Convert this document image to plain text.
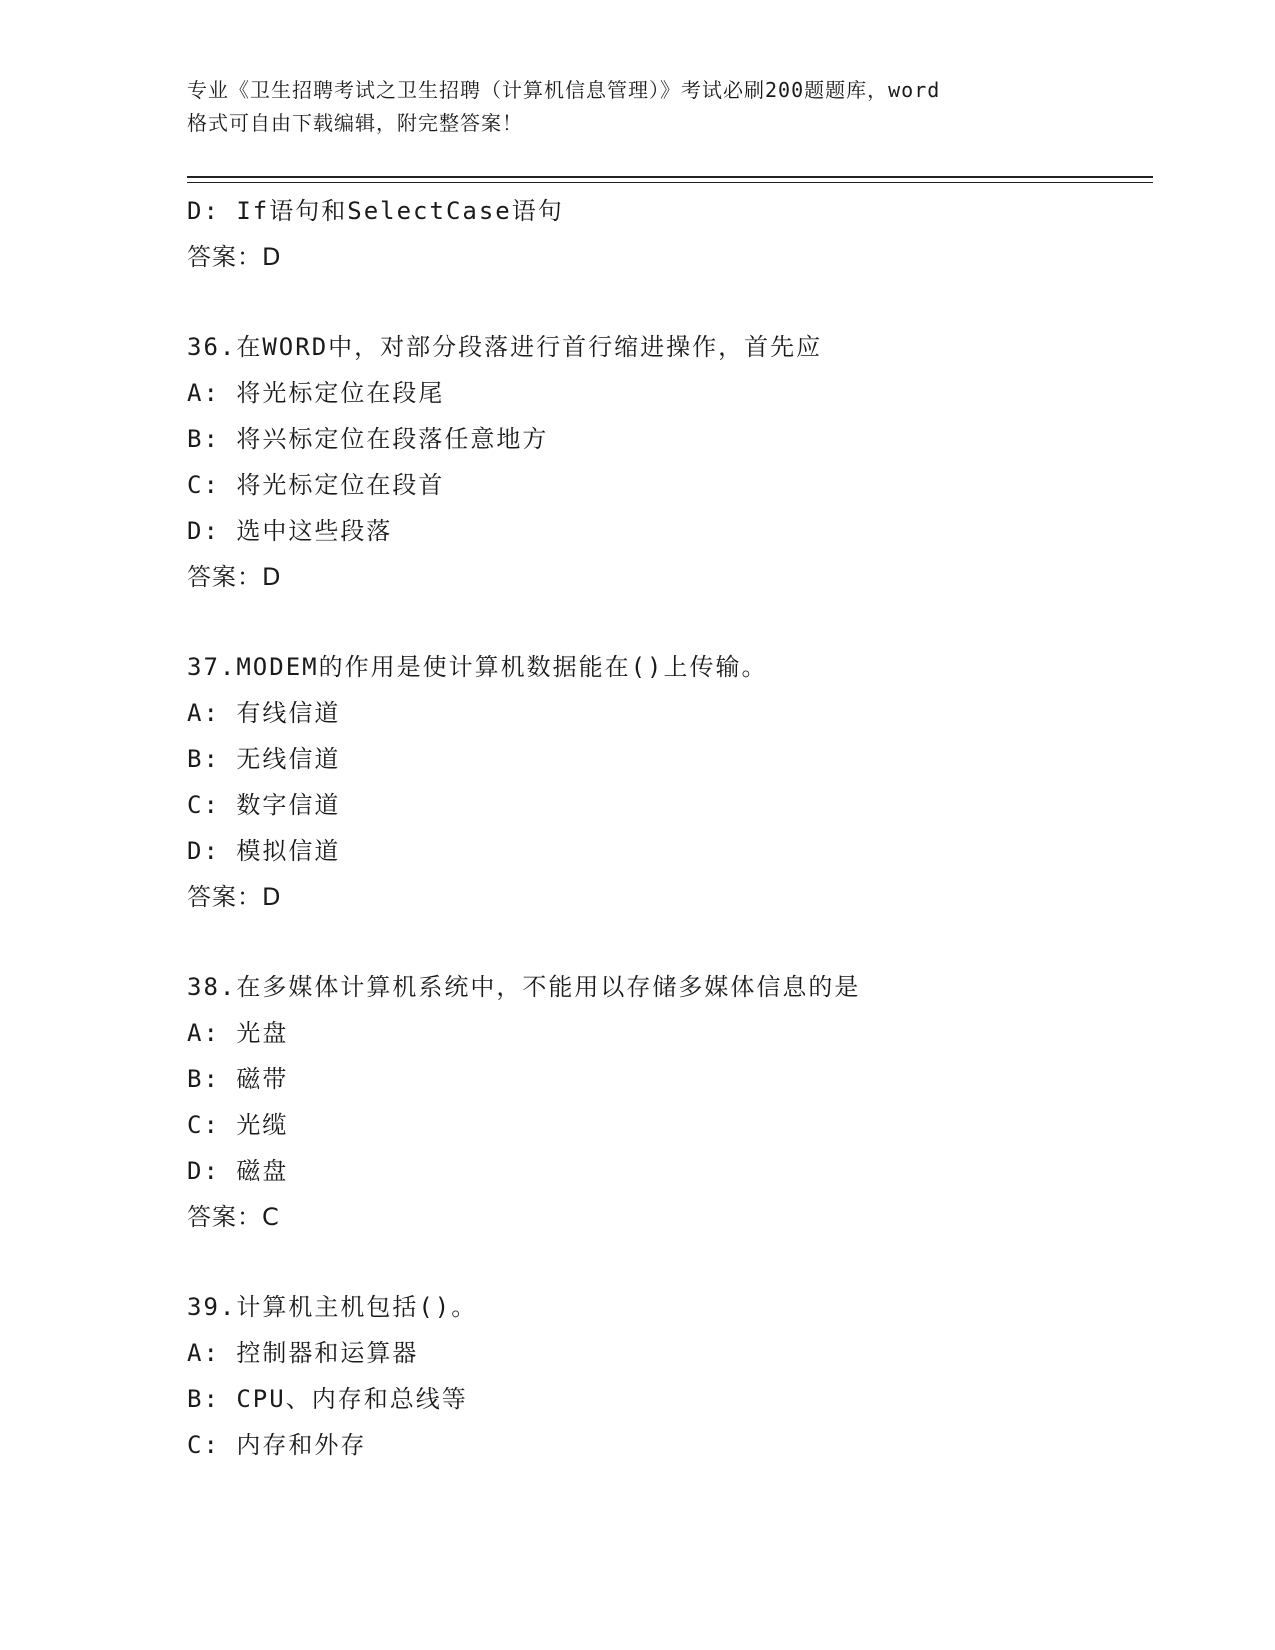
专业《卫生招聘考试之卫生招聘（计算机信息管理）》考试必刷200题题库，word
格式可自由下载编辑，附完整答案！
D: If语句和SelectCase语句
答案：D
36.在WORD中，对部分段落进行首行缩进操作，首先应
A: 将光标定位在段尾
B: 将兴标定位在段落任意地方
C: 将光标定位在段首
D: 选中这些段落
答案：D
37.MODEM的作用是使计算机数据能在()上传输。
A: 有线信道
B: 无线信道
C: 数字信道
D: 模拟信道
答案：D
38.在多媒体计算机系统中，不能用以存储多媒体信息的是
A: 光盘
B: 磁带
C: 光缆
D: 磁盘
答案：C
39.计算机主机包括()。
A: 控制器和运算器
B: CPU、内存和总线等
C: 内存和外存
